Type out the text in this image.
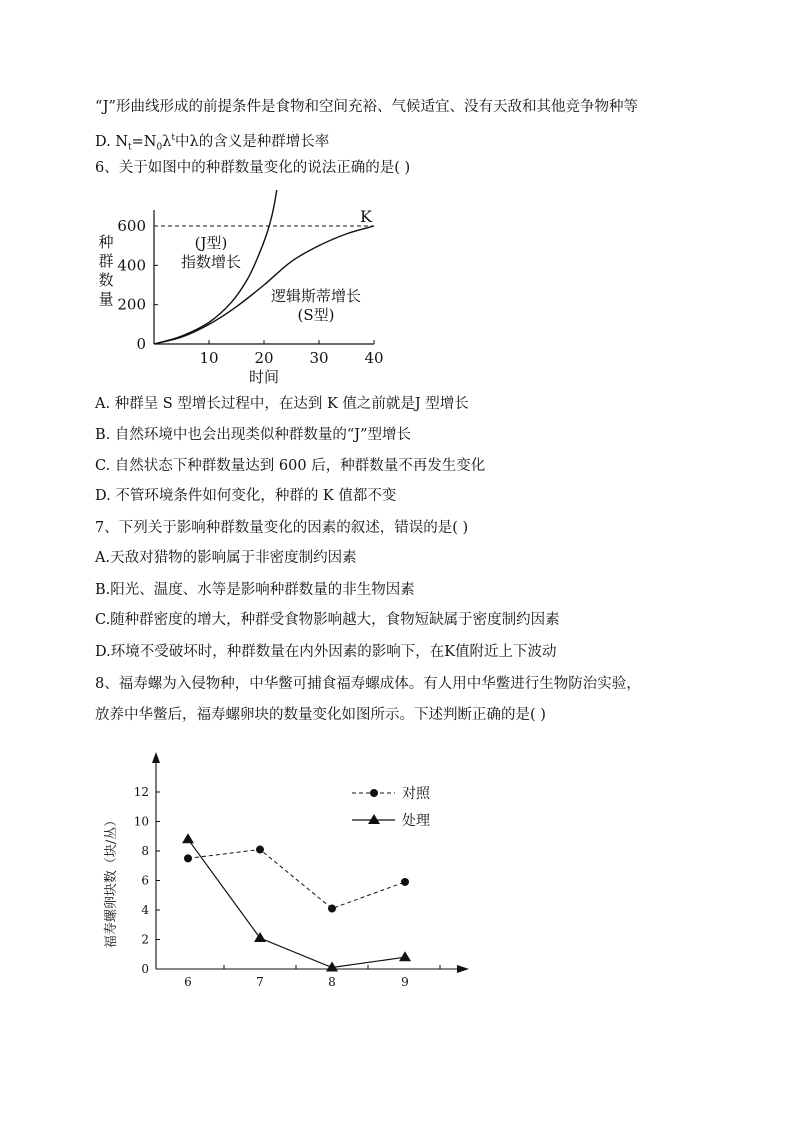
“J”形曲线形成的前提条件是食物和空间充裕、气候适宜、没有天敌和其他竞争物种等
D. $N_t=N_0\lambda^t$中λ的含义是种群增长率
6、关于如图中的种群数量变化的说法正确的是( )
0
200
400
600
10 20 30 40
时间
种
群
数
量
K
(J型)
指数增长
逻辑斯蒂增长
(S型)
A. 种群呈 S 型增长过程中，在达到 K 值之前就是J 型增长
B. 自然环境中也会出现类似种群数量的“J”型增长
C. 自然状态下种群数量达到 600 后，种群数量不再发生变化
D. 不管环境条件如何变化，种群的 K 值都不变
7、下列关于影响种群数量变化的因素的叙述，错误的是( )
A.天敌对猎物的影响属于非密度制约因素
B.阳光、温度、水等是影响种群数量的非生物因素
C.随种群密度的增大，种群受食物影响越大，食物短缺属于密度制约因素
D.环境不受破坏时，种群数量在内外因素的影响下，在K值附近上下波动
8、福寿螺为入侵物种，中华鳖可捕食福寿螺成体。有人用中华鳖进行生物防治实验，
放养中华鳖后，福寿螺卵块的数量变化如图所示。下述判断正确的是( )
0
2
4
6
8
10
12
6	7	8	9
福寿螺卵块数（块/丛）
对照
处理
